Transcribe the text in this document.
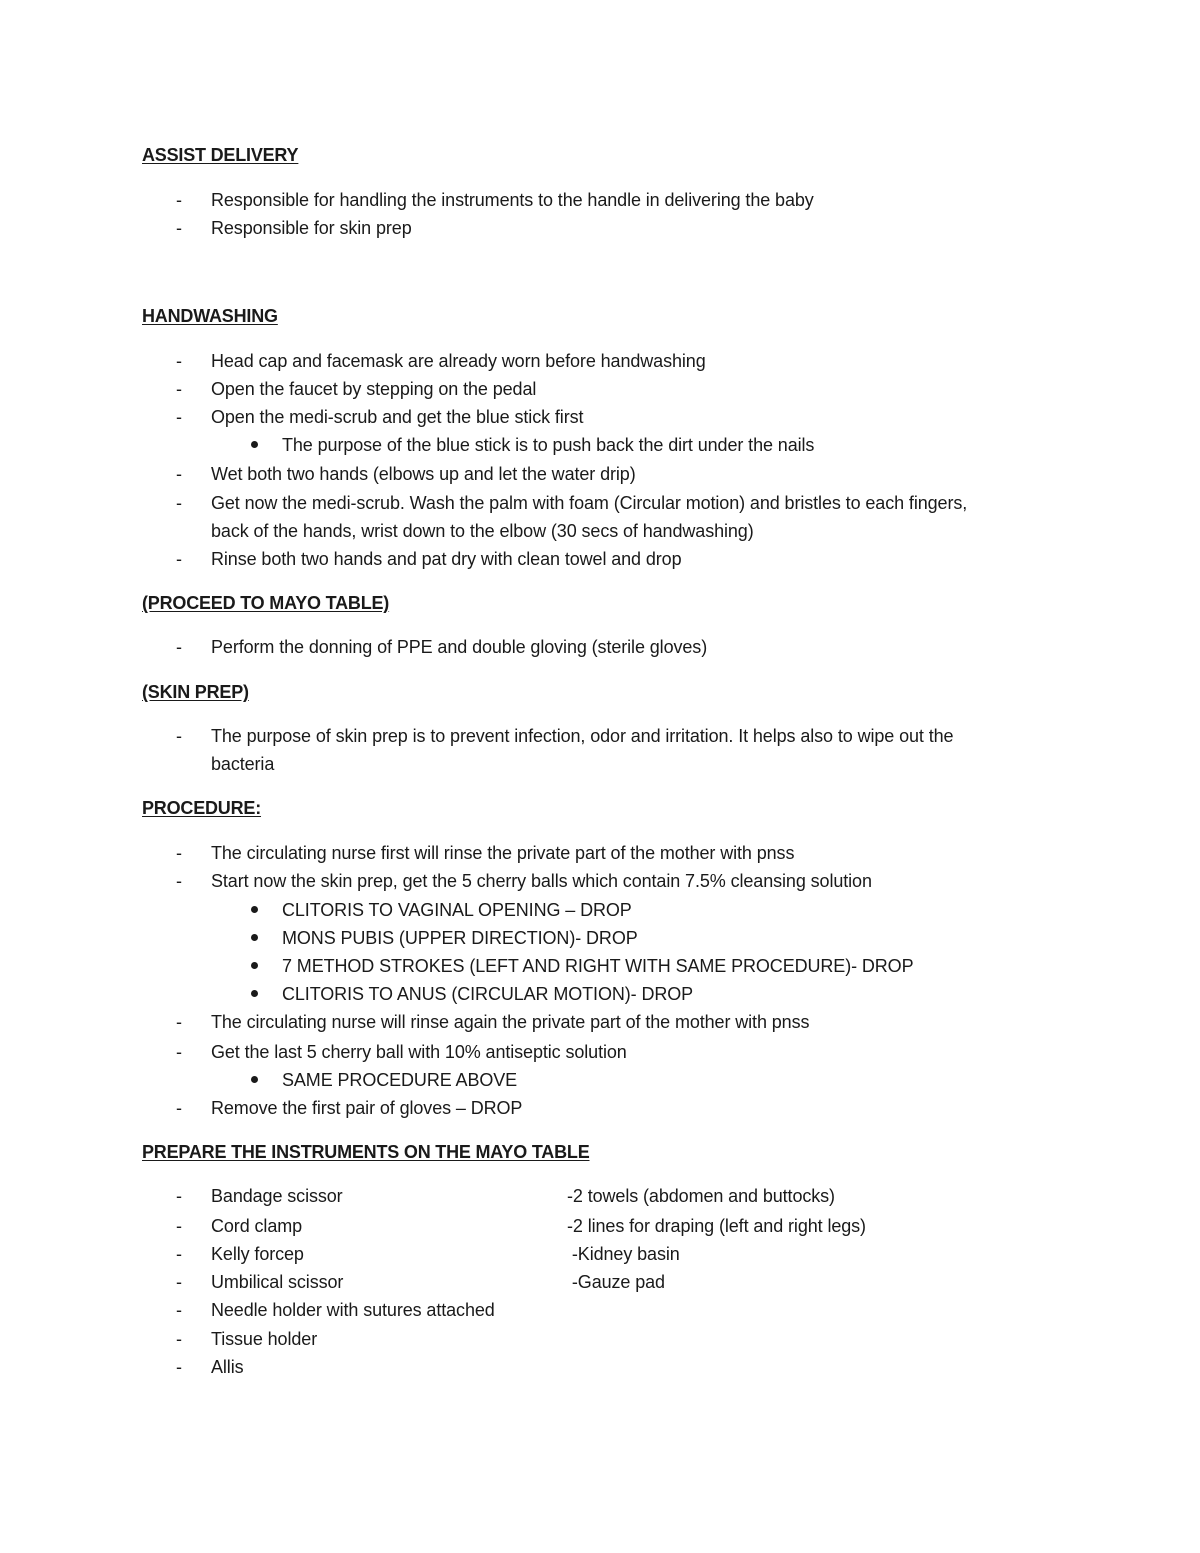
ASSIST DELIVERY
- Responsible for handling the instruments to the handle in delivering the baby
- Responsible for skin prep
HANDWASHING
- Head cap and facemask are already worn before handwashing
- Open the faucet by stepping on the pedal
- Open the medi-scrub and get the blue stick first
The purpose of the blue stick is to push back the dirt under the nails
- Wet both two hands (elbows up and let the water drip)
- Get now the medi-scrub. Wash the palm with foam (Circular motion) and bristles to each fingers,
back of the hands, wrist down to the elbow (30 secs of handwashing)
- Rinse both two hands and pat dry with clean towel and drop
(PROCEED TO MAYO TABLE)
- Perform the donning of PPE and double gloving (sterile gloves)
(SKIN PREP)
- The purpose of skin prep is to prevent infection, odor and irritation. It helps also to wipe out the
bacteria
PROCEDURE:
- The circulating nurse first will rinse the private part of the mother with pnss
- Start now the skin prep, get the 5 cherry balls which contain 7.5% cleansing solution
CLITORIS TO VAGINAL OPENING – DROP
MONS PUBIS (UPPER DIRECTION)- DROP
7 METHOD STROKES (LEFT AND RIGHT WITH SAME PROCEDURE)- DROP
CLITORIS TO ANUS (CIRCULAR MOTION)- DROP
- The circulating nurse will rinse again the private part of the mother with pnss
- Get the last 5 cherry ball with 10% antiseptic solution
SAME PROCEDURE ABOVE
- Remove the first pair of gloves – DROP
PREPARE THE INSTRUMENTS ON THE MAYO TABLE
- Bandage scissor	-2 towels (abdomen and buttocks)
- Cord clamp	-2 lines for draping (left and right legs)
- Kelly forcep	-Kidney basin
- Umbilical scissor	-Gauze pad
- Needle holder with sutures attached
- Tissue holder
- Allis
